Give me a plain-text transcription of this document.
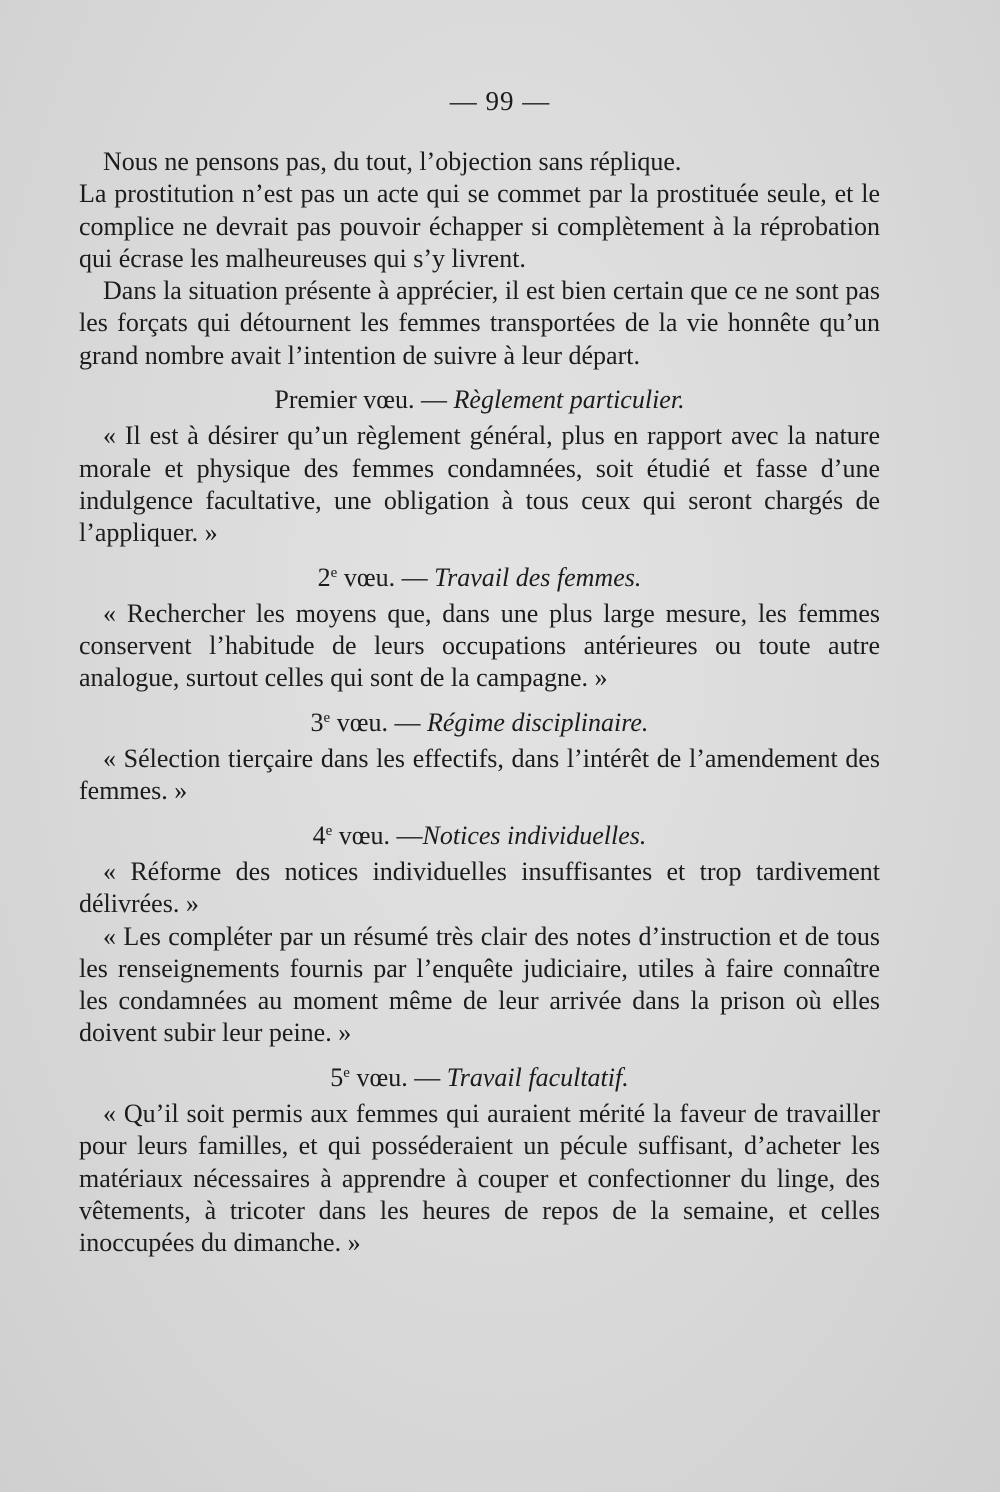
— 99 —

Nous ne pensons pas, du tout, l’objection sans réplique.

La prostitution n’est pas un acte qui se commet par la prostituée seule, et le complice ne devrait pas pouvoir échapper si complètement à la réprobation qui écrase les malheureuses qui s’y livrent.

Dans la situation présente à apprécier, il est bien certain que ce ne sont pas les forçats qui détournent les femmes transportées de la vie honnête qu’un grand nombre avait l’intention de suivre à leur départ.

Premier vœu. — Règlement particulier.

« Il est à désirer qu’un règlement général, plus en rapport avec la nature morale et physique des femmes condamnées, soit étudié et fasse d’une indulgence facultative, une obligation à tous ceux qui seront chargés de l’appliquer. »

2e vœu. — Travail des femmes.

« Rechercher les moyens que, dans une plus large mesure, les femmes conservent l’habitude de leurs occupations antérieures ou toute autre analogue, surtout celles qui sont de la campagne. »

3e vœu. — Régime disciplinaire.

« Sélection tierçaire dans les effectifs, dans l’intérêt de l’amendement des femmes. »

4e vœu. —Notices individuelles.

« Réforme des notices individuelles insuffisantes et trop tardivement délivrées. »

« Les compléter par un résumé très clair des notes d’instruction et de tous les renseignements fournis par l’enquête judiciaire, utiles à faire connaître les condamnées au moment même de leur arrivée dans la prison où elles doivent subir leur peine. »

5e vœu. — Travail facultatif.

« Qu’il soit permis aux femmes qui auraient mérité la faveur de travailler pour leurs familles, et qui posséderaient un pécule suffisant, d’acheter les matériaux nécessaires à apprendre à couper et confectionner du linge, des vêtements, à tricoter dans les heures de repos de la semaine, et celles inoccupées du dimanche. »
